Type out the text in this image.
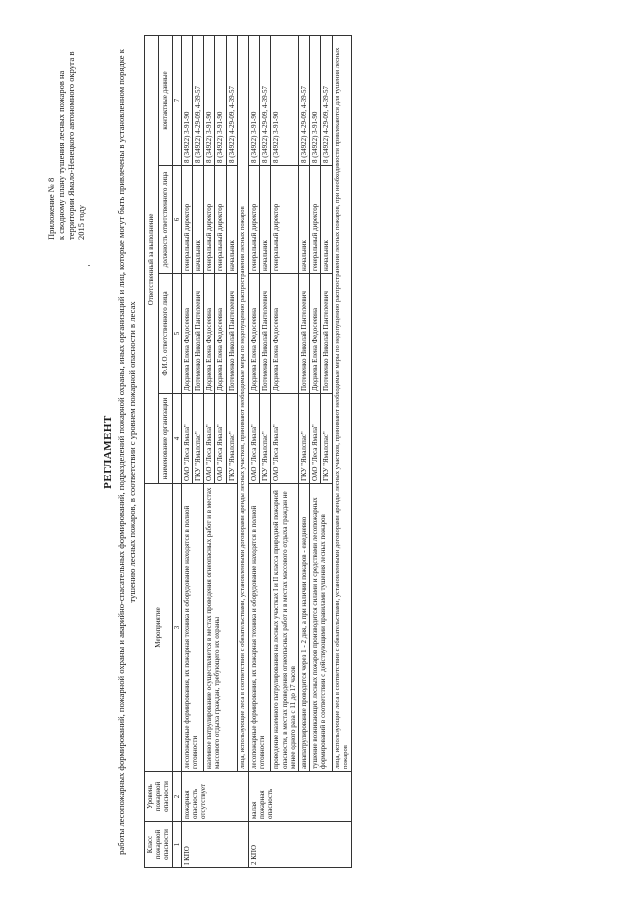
Приложение № 8 к сводному плану тушения лесных пожаров на территории Ямало-Ненецкого автономного округа в 2015 году
РЕГЛАМЕНТ работы лесопожарных формирований, пожарной охраны и аварийно-спасательных формирований, подразделений пожарной охраны, иных организаций и лиц, которые могут быть привлечены в установленном порядке к тушению лесных пожаров, в соответствии с уровнем пожарной опасности в лесах
Класс пожарной опасности	Уровень пожарной опасности	Мероприятие	Ответственный за выполнение			
			наименование организации	Ф.И.О. ответственного лица	должность ответственного лица	контактные данные
1	2	3	4	5	6	7
I КПО	пожарная опасность отсутствует	лесопожарные формирования, их пожарная техника и оборудование находятся в полной готовности	ОАО "Леса Ямала"	Дюднева Елена Федосеевна	генеральный директор	8 (34922) 3-91-90
			ГКУ "Ямалспас"	Потеменко Николай Пантелеевич	начальник	8 (34922) 4-29-09, 4-39-57
		наземное патрулирование осуществляется в местах проведения огнеопасных работ и в местах массового отдыха граждан, требующего их охраны	ОАО "Леса Ямала"	Дюднева Елена Федосеевна	генеральный директор	8 (34922) 3-91-90
			ОАО "Леса Ямала"	Дюднева Елена Федосеевна	генеральный директор	8 (34922) 3-91-90
			ГКУ "Ямалспас"	Потеменко Николай Пантелеевич	начальник	8 (34922) 4-29-09, 4-39-57
		лица, использующие леса в соответствии с обязательствами, установленными договорами аренды лесных участков, принимают необходимые меры по недопущению распространения лесных пожаров				
2 КПО	малая пожарная опасность	лесопожарные формирования, их пожарная техника и оборудование находятся в полной готовности	ОАО "Леса Ямала"	Дюднева Елена Федосеевна	генеральный директор	8 (34922) 3-91-90
			ГКУ "Ямалспас"	Потеменко Николай Пантелеевич	начальник	8 (34922) 4-29-09, 4-39-57
		проведение наземного патрулирования на лесных участках I и II класса природной пожарной опасности, в местах проведения огнеопасных работ и в местах массового отдыха граждан не менее одного раза с 11 до 17 часов	ОАО "Леса Ямала"	Дюднева Елена Федосеевна	генеральный директор	8 (34922) 3-91-90
		авиапатрулирование проводится через 1 - 2 дня, а при наличии пожаров - ежедневно	ГКУ "Ямалспас"	Потеменко Николай Пантелеевич	начальник	8 (34922) 4-29-09, 4-39-57
		тушение возникающих лесных пожаров производится силами и средствами лесопожарных формирований в соответствии с действующими правилами тушения лесных пожаров	ОАО "Леса Ямала"	Дюднева Елена Федосеевна	генеральный директор	8 (34922) 3-91-90
			ГКУ "Ямалспас"	Потеменко Николай Пантелеевич	начальник	8 (34922) 4-29-09, 4-39-57
		лица, использующие леса в соответствии с обязательствами, установленными договорами аренды лесных участков, принимают необходимые меры по недопущению распространения лесных пожаров, при необходимости привлекаются для тушения лесных пожаров				
